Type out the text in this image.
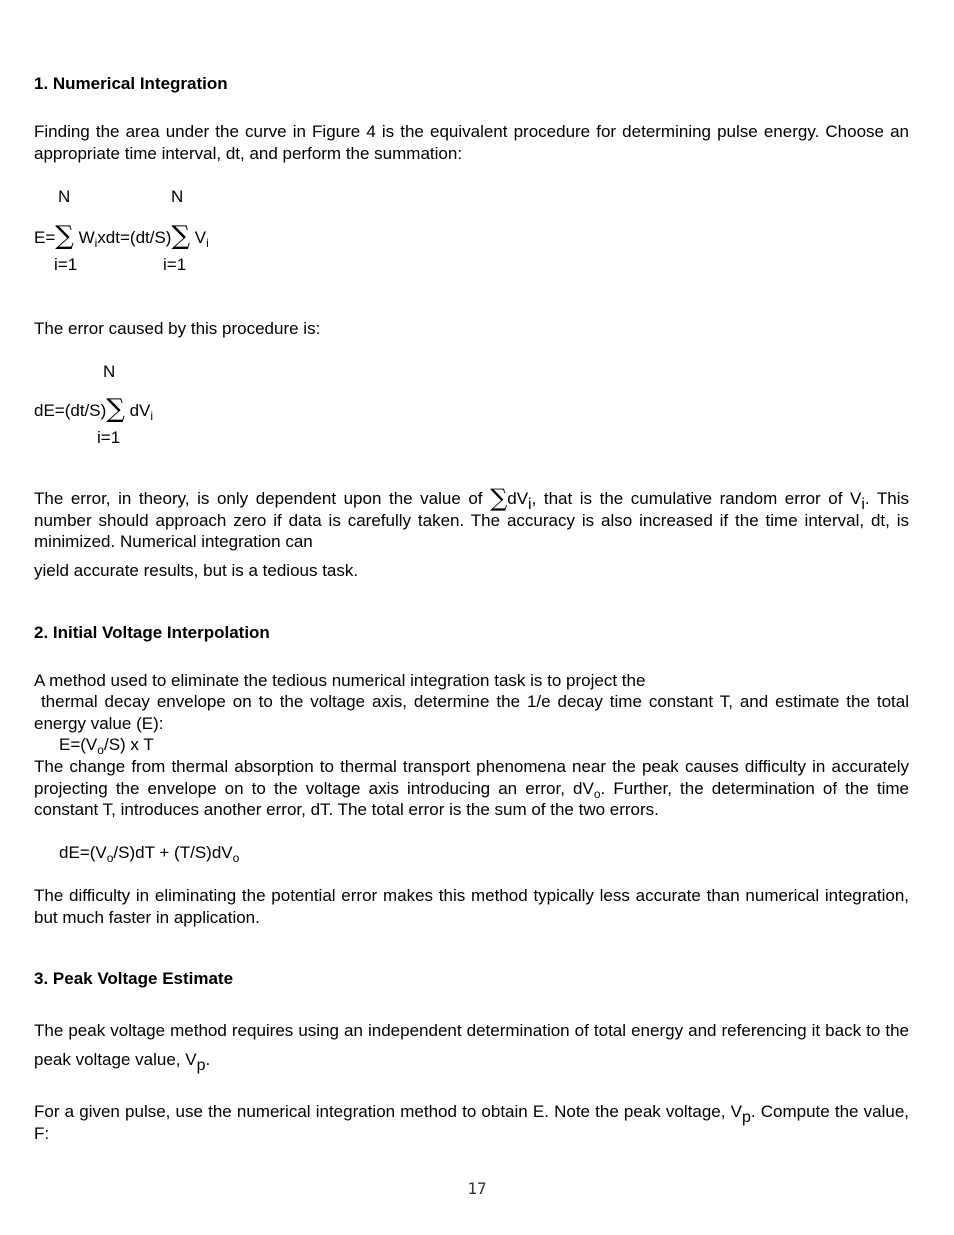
1. Numerical Integration
Finding the area under the curve in Figure 4 is the equivalent procedure for determining pulse energy. Choose an appropriate time interval, dt, and perform the summation:
N	N
E=∑ $W_ixdt=(dt/S)\sum$ $V_i$
i=1	i=1
The error caused by this procedure is:
N
dE=(dt/S)∑ $dV_i$
i=1
The error, in theory, is only dependent upon the value of $\sum dV_i$, that is the cumulative random error of $V_i$. This number should approach zero if data is carefully taken. The accuracy is also increased if the time interval, dt, is minimized. Numerical integration can
yield accurate results, but is a tedious task.
2. Initial Voltage Interpolation
A method used to eliminate the tedious numerical integration task is to project the
thermal decay envelope on to the voltage axis, determine the 1/e decay time constant T, and estimate the total energy value (E):
$E=(V_o/S)$ x T
The change from thermal absorption to thermal transport phenomena near the peak causes difficulty in accurately projecting the envelope on to the voltage axis introducing an error, $dV_o$. Further, the determination of the time constant T, introduces another error, dT. The total error is the sum of the two errors.
$dE=(V_o/S)dT + (T/S)dV_o$
The difficulty in eliminating the potential error makes this method typically less accurate than numerical integration, but much faster in application.
3. Peak Voltage Estimate
The peak voltage method requires using an independent determination of total energy and referencing it back to the peak voltage value, $V_p$.
For a given pulse, use the numerical integration method to obtain E. Note the peak voltage, $V_p$. Compute the value, F:
17
